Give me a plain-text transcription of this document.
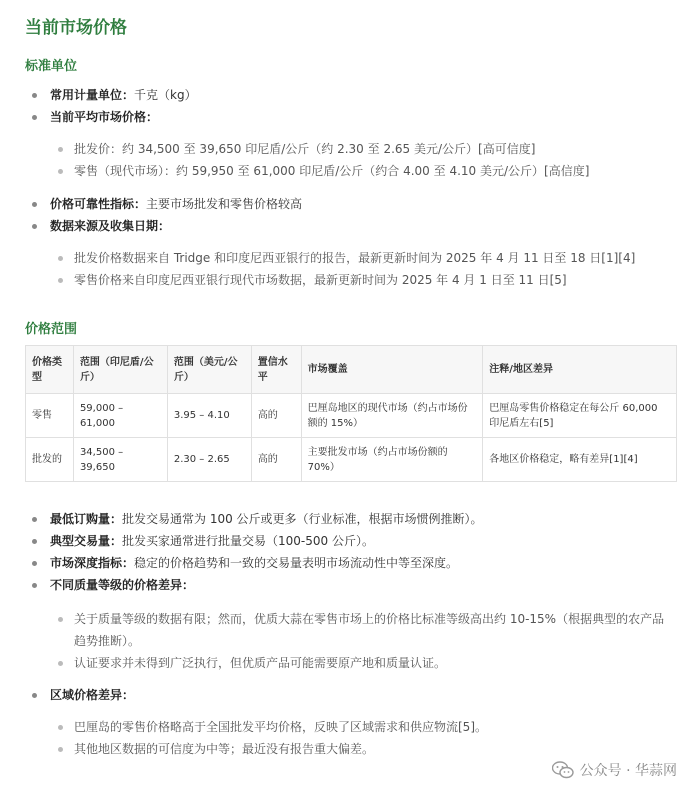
当前市场价格
标准单位
常用计量单位：千克（kg）
当前平均市场价格：
批发价：约 34,500 至 39,650 印尼盾/公斤（约 2.30 至 2.65 美元/公斤）[高可信度]
零售（现代市场）：约 59,950 至 61,000 印尼盾/公斤（约合 4.00 至 4.10 美元/公斤）[高信度]
价格可靠性指标：主要市场批发和零售价格较高
数据来源及收集日期：
批发价格数据来自 Tridge 和印度尼西亚银行的报告，最新更新时间为 2025 年 4 月 11 日至 18 日[1][4]
零售价格来自印度尼西亚银行现代市场数据，最新更新时间为 2025 年 4 月 1 日至 11 日[5]
价格范围
价格类型	范围（印尼盾/公斤）	范围（美元/公斤）	置信水平	市场覆盖	注释/地区差异
零售	59,000 – 61,000	3.95 – 4.10	高的	巴厘岛地区的现代市场（约占市场份额的 15%）	巴厘岛零售价格稳定在每公斤 60,000 印尼盾左右[5]
批发的	34,500 – 39,650	2.30 – 2.65	高的	主要批发市场（约占市场份额的 70%）	各地区价格稳定，略有差异[1][4]
最低订购量：批发交易通常为 100 公斤或更多（行业标准，根据市场惯例推断）。
典型交易量：批发买家通常进行批量交易（100-500 公斤）。
市场深度指标：稳定的价格趋势和一致的交易量表明市场流动性中等至深度。
不同质量等级的价格差异：
关于质量等级的数据有限；然而，优质大蒜在零售市场上的价格比标准等级高出约 10-15%（根据典型的农产品趋势推断）。
认证要求并未得到广泛执行，但优质产品可能需要原产地和质量认证。
区域价格差异：
巴厘岛的零售价格略高于全国批发平均价格，反映了区域需求和供应物流[5]。
其他地区数据的可信度为中等；最近没有报告重大偏差。
公众号 · 华蒜网
